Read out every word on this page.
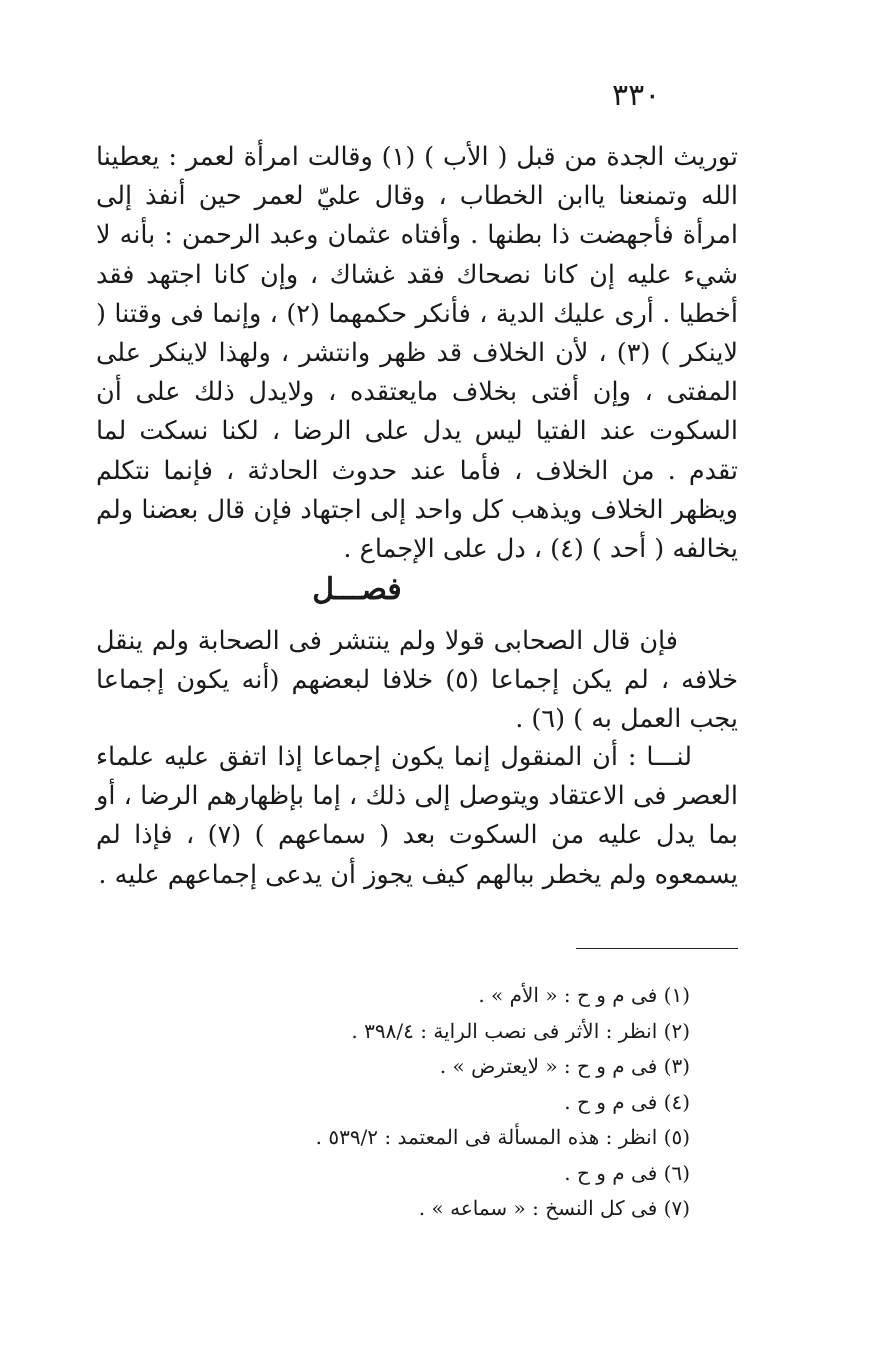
٣٣٠

توريث الجدة من قبل ( الأب ) (١) وقالت امرأة لعمر : يعطينا الله وتمنعنا ياابن الخطاب ، وقال عليّ لعمر حين أنفذ إلى امرأة فأجهضت ذا بطنها . وأفتاه عثمان وعبد الرحمن : بأنه لا شيء عليه إن كانا نصحاك فقد غشاك ، وإن كانا اجتهد فقد أخطيا . أرى عليك الدية ، فأنكر حكمهما (٢) ، وإنما فى وقتنا ( لاينكر ) (٣) ، لأن الخلاف قد ظهر وانتشر ، ولهذا لاينكر على المفتى ، وإن أفتى بخلاف مايعتقده ، ولايدل ذلك على أن السكوت عند الفتيا ليس يدل على الرضا ، لكنا نسكت لما تقدم . من الخلاف ، فأما عند حدوث الحادثة ، فإنما نتكلم ويظهر الخلاف ويذهب كل واحد إلى اجتهاد فإن قال بعضنا ولم يخالفه ( أحد ) (٤) ، دل على الإجماع .

فصـــل

فإن قال الصحابى قولا ولم ينتشر فى الصحابة ولم ينقل خلافه ، لم يكن إجماعا (٥) خلافا لبعضهم (أنه يكون إجماعا يجب العمل به ) (٦) .

لنـــا : أن المنقول إنما يكون إجماعا إذا اتفق عليه علماء العصر فى الاعتقاد ويتوصل إلى ذلك ، إما بإظهارهم الرضا ، أو بما يدل عليه من السكوت بعد ( سماعهم ) (٧) ، فإذا لم يسمعوه ولم يخطر ببالهم كيف يجوز أن يدعى إجماعهم عليه .

(١) فى م و ح : « الأم » .
(٢) انظر : الأثر فى نصب الراية : ٣٩٨/٤ .
(٣) فى م و ح : « لايعترض » .
(٤) فى م و ح .
(٥) انظر : هذه المسألة فى المعتمد : ٥٣٩/٢ .
(٦) فى م و ح .
(٧) فى كل النسخ : « سماعه » .
